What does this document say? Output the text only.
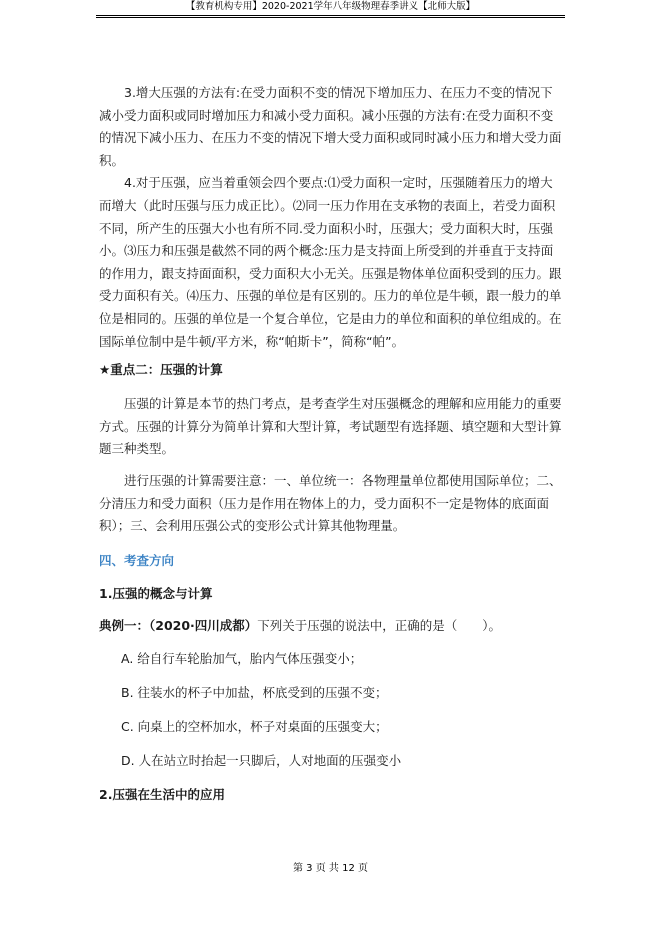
【教育机构专用】2020-2021学年八年级物理春季讲义【北师大版】

3.增大压强的方法有:在受力面积不变的情况下增加压力、在压力不变的情况下减小受力面积或同时增加压力和减小受力面积。减小压强的方法有:在受力面积不变的情况下减小压力、在压力不变的情况下增大受力面积或同时减小压力和增大受力面积。

4.对于压强，应当着重领会四个要点:⑴受力面积一定时，压强随着压力的增大而增大（此时压强与压力成正比）。⑵同一压力作用在支承物的表面上，若受力面积不同，所产生的压强大小也有所不同.受力面积小时，压强大；受力面积大时，压强小。⑶压力和压强是截然不同的两个概念:压力是支持面上所受到的并垂直于支持面的作用力，跟支持面面积，受力面积大小无关。压强是物体单位面积受到的压力。跟受力面积有关。⑷压力、压强的单位是有区别的。压力的单位是牛顿，跟一般力的单位是相同的。压强的单位是一个复合单位，它是由力的单位和面积的单位组成的。在国际单位制中是牛顿/平方米，称“帕斯卡”，简称“帕”。

★重点二：压强的计算

压强的计算是本节的热门考点，是考查学生对压强概念的理解和应用能力的重要方式。压强的计算分为简单计算和大型计算，考试题型有选择题、填空题和大型计算题三种类型。

进行压强的计算需要注意：一、单位统一：各物理量单位都使用国际单位；二、分清压力和受力面积（压力是作用在物体上的力，受力面积不一定是物体的底面面积）；三、会利用压强公式的变形公式计算其他物理量。

四、考查方向

1.压强的概念与计算

典例一：（2020·四川成都）下列关于压强的说法中，正确的是（　　）。

A. 给自行车轮胎加气，胎内气体压强变小；

B. 往装水的杯子中加盐，杯底受到的压强不变；

C. 向桌上的空杯加水，杯子对桌面的压强变大；

D. 人在站立时抬起一只脚后，人对地面的压强变小

2.压强在生活中的应用

第 3 页 共 12 页
